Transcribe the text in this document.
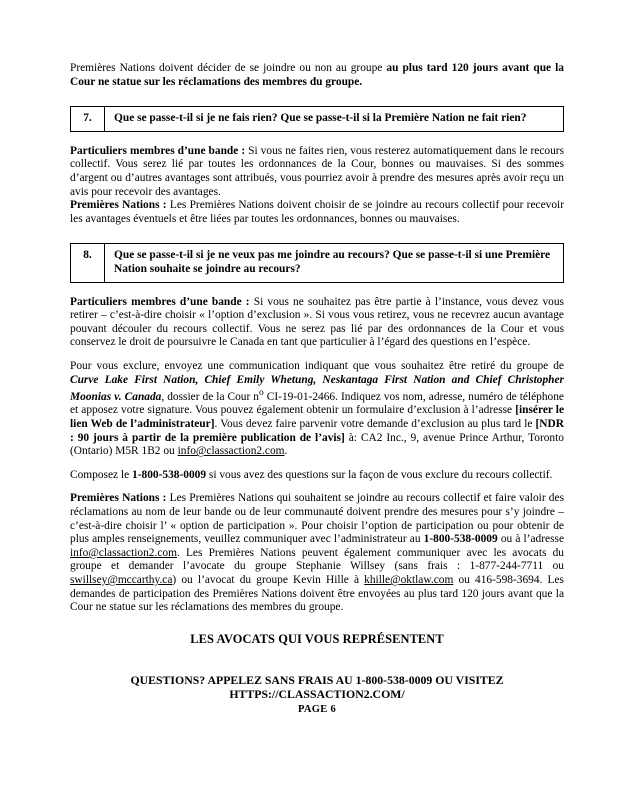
Premières Nations doivent décider de se joindre ou non au groupe au plus tard 120 jours avant que la Cour ne statue sur les réclamations des membres du groupe.

7.	Que se passe-t-il si je ne fais rien? Que se passe-t-il si la Première Nation ne fait rien?

Particuliers membres d’une bande : Si vous ne faites rien, vous resterez automatiquement dans le recours collectif. Vous serez lié par toutes les ordonnances de la Cour, bonnes ou mauvaises. Si des sommes d’argent ou d’autres avantages sont attribués, vous pourriez avoir à prendre des mesures après avoir reçu un avis pour recevoir des avantages.

Premières Nations : Les Premières Nations doivent choisir de se joindre au recours collectif pour recevoir les avantages éventuels et être liées par toutes les ordonnances, bonnes ou mauvaises.

8.	Que se passe-t-il si je ne veux pas me joindre au recours? Que se passe-t-il si une Première Nation souhaite se joindre au recours?

Particuliers membres d’une bande : Si vous ne souhaitez pas être partie à l’instance, vous devez vous retirer – c’est-à-dire choisir « l’option d’exclusion ». Si vous vous retirez, vous ne recevrez aucun avantage pouvant découler du recours collectif. Vous ne serez pas lié par des ordonnances de la Cour et vous conservez le droit de poursuivre le Canada en tant que particulier à l’égard des questions en l’espèce.

Pour vous exclure, envoyez une communication indiquant que vous souhaitez être retiré du groupe de Curve Lake First Nation, Chief Emily Whetung, Neskantaga First Nation and Chief Christopher Moonias v. Canada, dossier de la Cour $n^o$ CI-19-01-2466. Indiquez vos nom, adresse, numéro de téléphone et apposez votre signature. Vous pouvez également obtenir un formulaire d’exclusion à l’adresse [insérer le lien Web de l’administrateur]. Vous devez faire parvenir votre demande d’exclusion au plus tard le [NDR : 90 jours à partir de la première publication de l’avis] à: CA2 Inc., 9, avenue Prince Arthur, Toronto (Ontario) M5R 1B2 ou info@classaction2.com.

Composez le 1-800-538-0009 si vous avez des questions sur la façon de vous exclure du recours collectif.

Premières Nations : Les Premières Nations qui souhaitent se joindre au recours collectif et faire valoir des réclamations au nom de leur bande ou de leur communauté doivent prendre des mesures pour s’y joindre – c’est-à-dire choisir l’ « option de participation ». Pour choisir l’option de participation ou pour obtenir de plus amples renseignements, veuillez communiquer avec l’administrateur au 1-800-538-0009 ou à l’adresse info@classaction2.com. Les Premières Nations peuvent également communiquer avec les avocats du groupe et demander l’avocate du groupe Stephanie Willsey (sans frais : 1-877-244-7711 ou swillsey@mccarthy.ca) ou l’avocat du groupe Kevin Hille à khille@oktlaw.com ou 416-598-3694. Les demandes de participation des Premières Nations doivent être envoyées au plus tard 120 jours avant que la Cour ne statue sur les réclamations des membres du groupe.

LES AVOCATS QUI VOUS REPRÉSENTENT
QUESTIONS? APPELEZ SANS FRAIS AU 1-800-538-0009 OU VISITEZ
HTTPS://CLASSACTION2.COM/
PAGE 6
